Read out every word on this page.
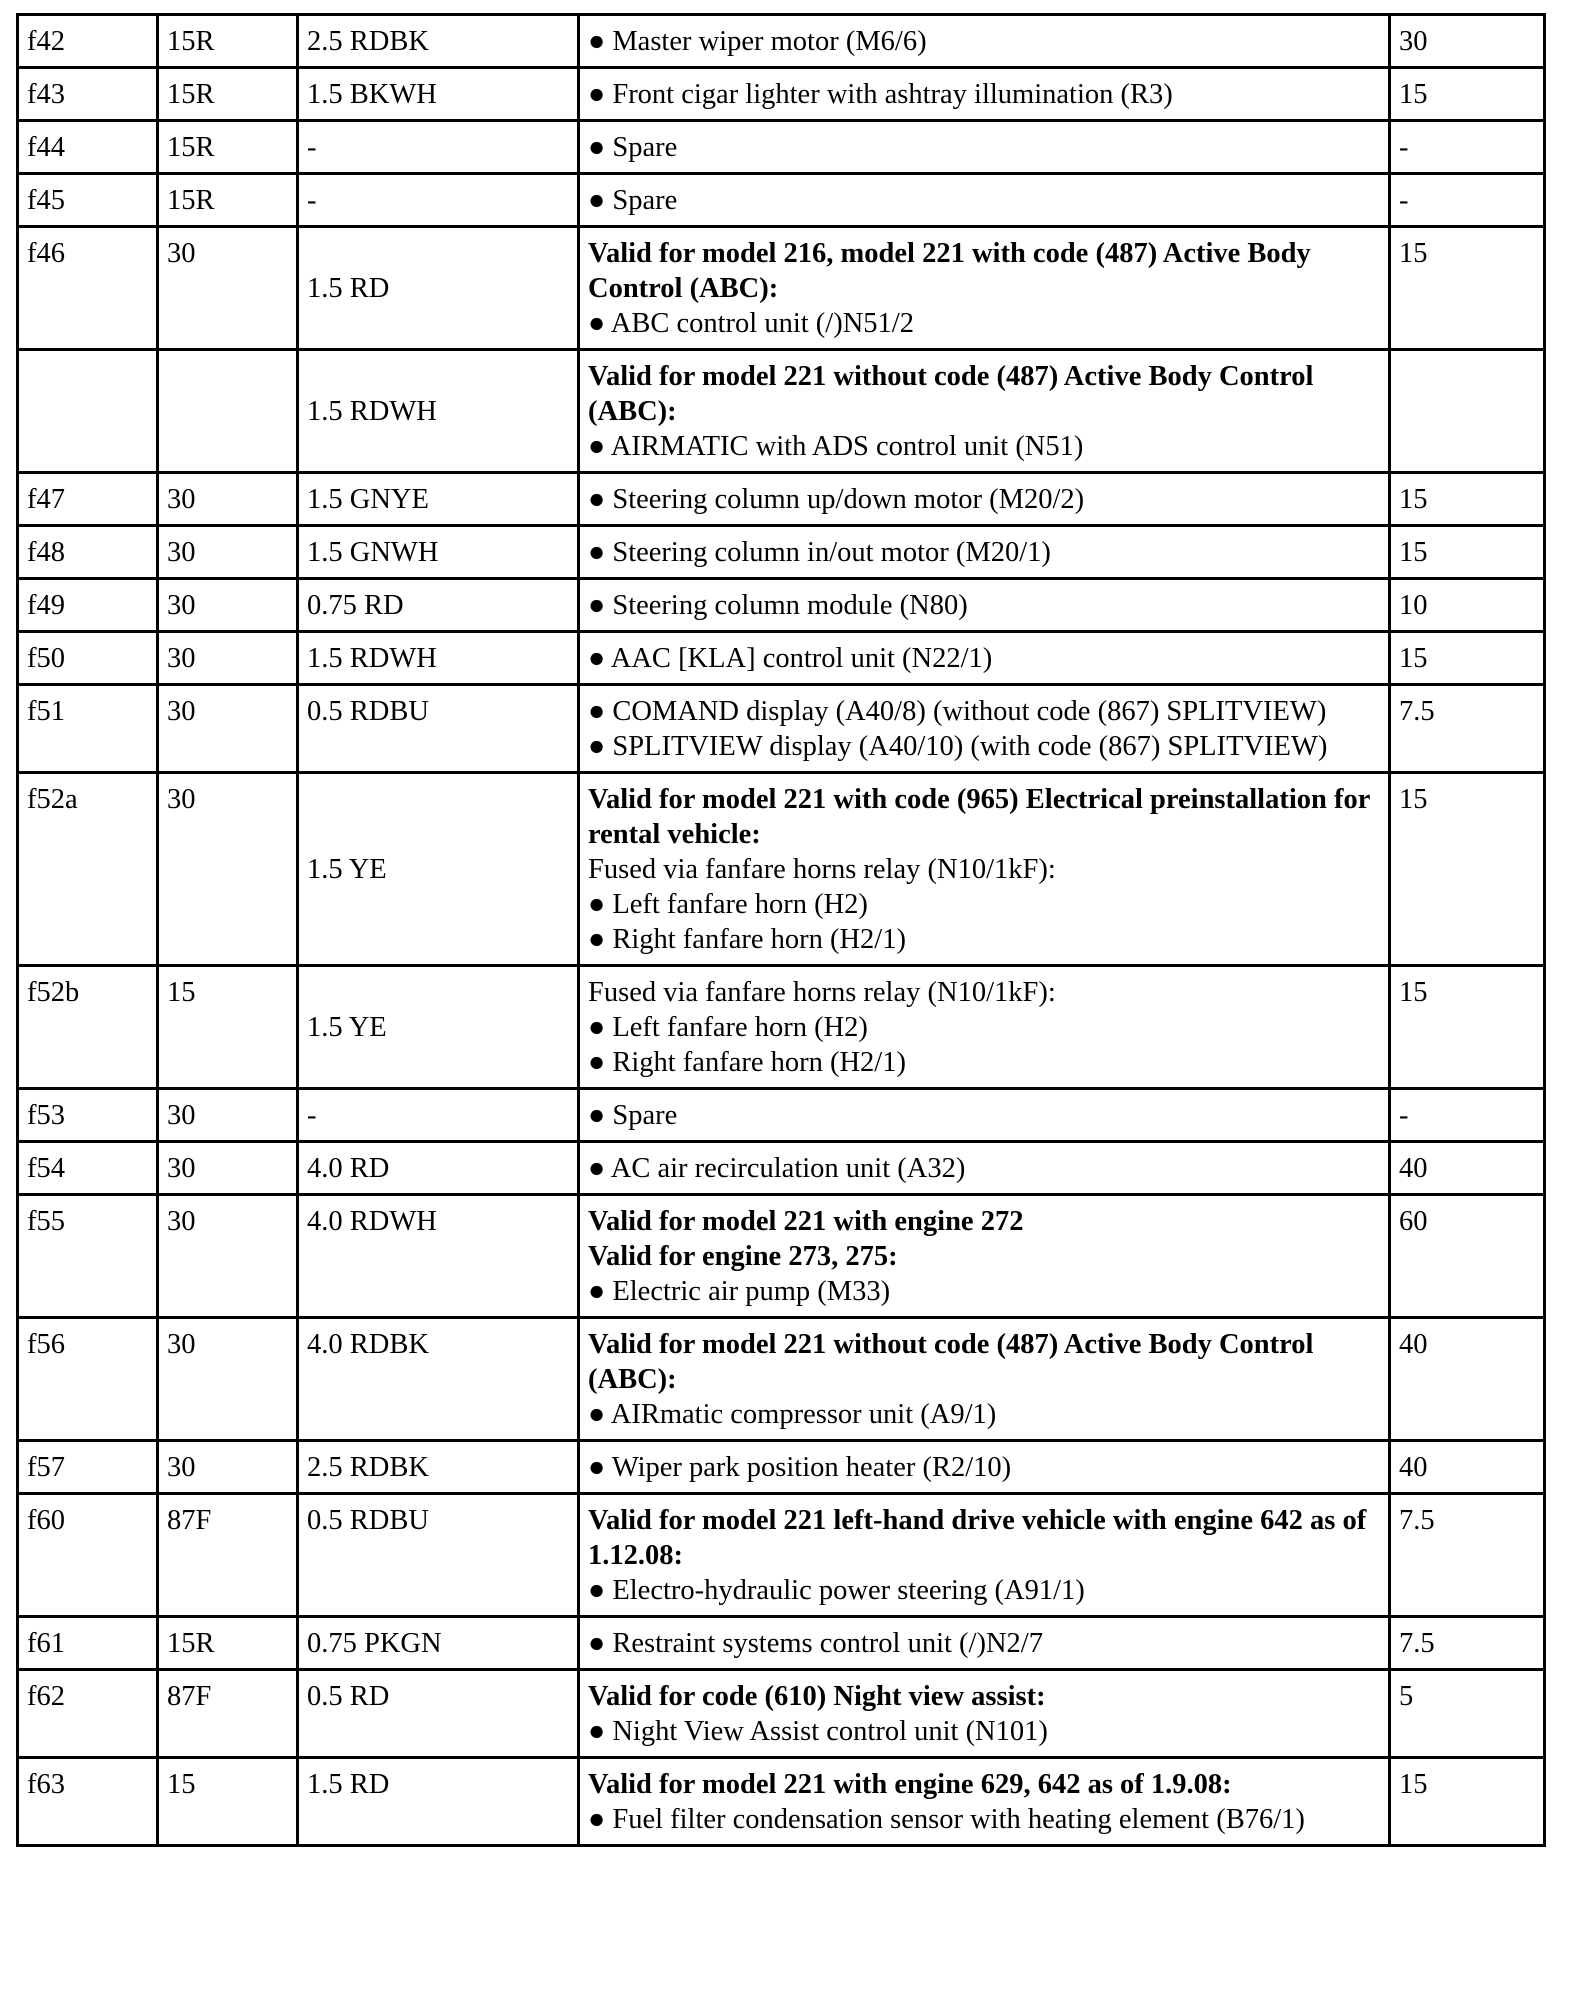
f42	15R	2.5 RDBK	● Master wiper motor (M6/6)	30	
f43	15R	1.5 BKWH	● Front cigar lighter with ashtray illumination (R3)	15	
f44	15R	-	● Spare	-	
f45	15R	-	● Spare	-	
f46	30	1.5 RD	Valid for model 216, model 221 with code (487) Active Body Control (ABC):
● ABC control unit (/)N51/2	15	
		1.5 RDWH	Valid for model 221 without code (487) Active Body Control (ABC):
● AIRMATIC with ADS control unit (N51)		

f47	30	1.5 GNYE	● Steering column up/down motor (M20/2)	15	
f48	30	1.5 GNWH	● Steering column in/out motor (M20/1)	15	
f49	30	0.75 RD	● Steering column module (N80)	10	
f50	30	1.5 RDWH	● AAC [KLA] control unit (N22/1)	15	
f51	30	0.5 RDBU	● COMAND display (A40/8) (without code (867) SPLITVIEW)
● SPLITVIEW display (A40/10) (with code (867) SPLITVIEW)	7.5	
f52a	30	1.5 YE	Valid for model 221 with code (965) Electrical preinstallation for rental vehicle:
Fused via fanfare horns relay (N10/1kF):
● Left fanfare horn (H2)
● Right fanfare horn (H2/1)	15	
f52b	15	1.5 YE	Fused via fanfare horns relay (N10/1kF):
● Left fanfare horn (H2)
● Right fanfare horn (H2/1)	15	
f53	30	-	● Spare	-	
f54	30	4.0 RD	● AC air recirculation unit (A32)	40	
f55	30	4.0 RDWH	Valid for model 221 with engine 272
Valid for engine 273, 275:
● Electric air pump (M33)	60	
f56	30	4.0 RDBK	Valid for model 221 without code (487) Active Body Control (ABC):
● AIRmatic compressor unit (A9/1)	40	
f57	30	2.5 RDBK	● Wiper park position heater (R2/10)	40	
f60	87F	0.5 RDBU	Valid for model 221 left-hand drive vehicle with engine 642 as of 1.12.08:
● Electro-hydraulic power steering (A91/1)	7.5	
f61	15R	0.75 PKGN	● Restraint systems control unit (/)N2/7	7.5	
f62	87F	0.5 RD	Valid for code (610) Night view assist:
● Night View Assist control unit (N101)	5	
f63	15	1.5 RD	Valid for model 221 with engine 629, 642 as of 1.9.08:
● Fuel filter condensation sensor with heating element (B76/1)	15	
